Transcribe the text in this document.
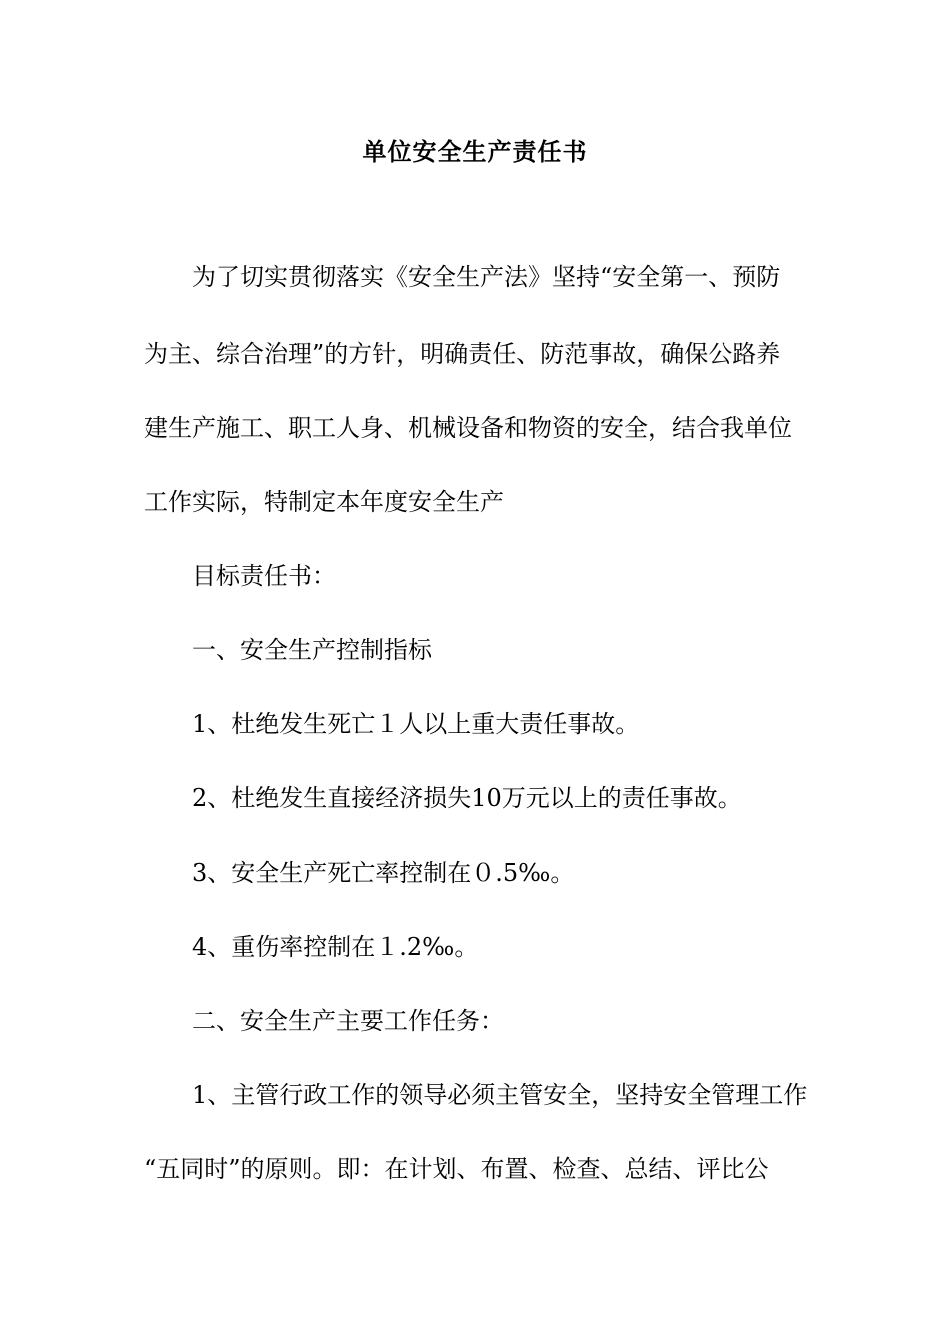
单位安全生产责任书
为了切实贯彻落实《安全生产法》坚持“安全第一、预防
为主、综合治理”的方针，明确责任、防范事故，确保公路养
建生产施工、职工人身、机械设备和物资的安全，结合我单位
工作实际，特制定本年度安全生产
目标责任书：
一、安全生产控制指标
1、杜绝发生死亡１人以上重大责任事故。
2、杜绝发生直接经济损失10万元以上的责任事故。
3、安全生产死亡率控制在０.5‰。
4、重伤率控制在１.2‰。
二、安全生产主要工作任务：
1、主管行政工作的领导必须主管安全，坚持安全管理工作
“五同时”的原则。即：在计划、布置、检查、总结、评比公
